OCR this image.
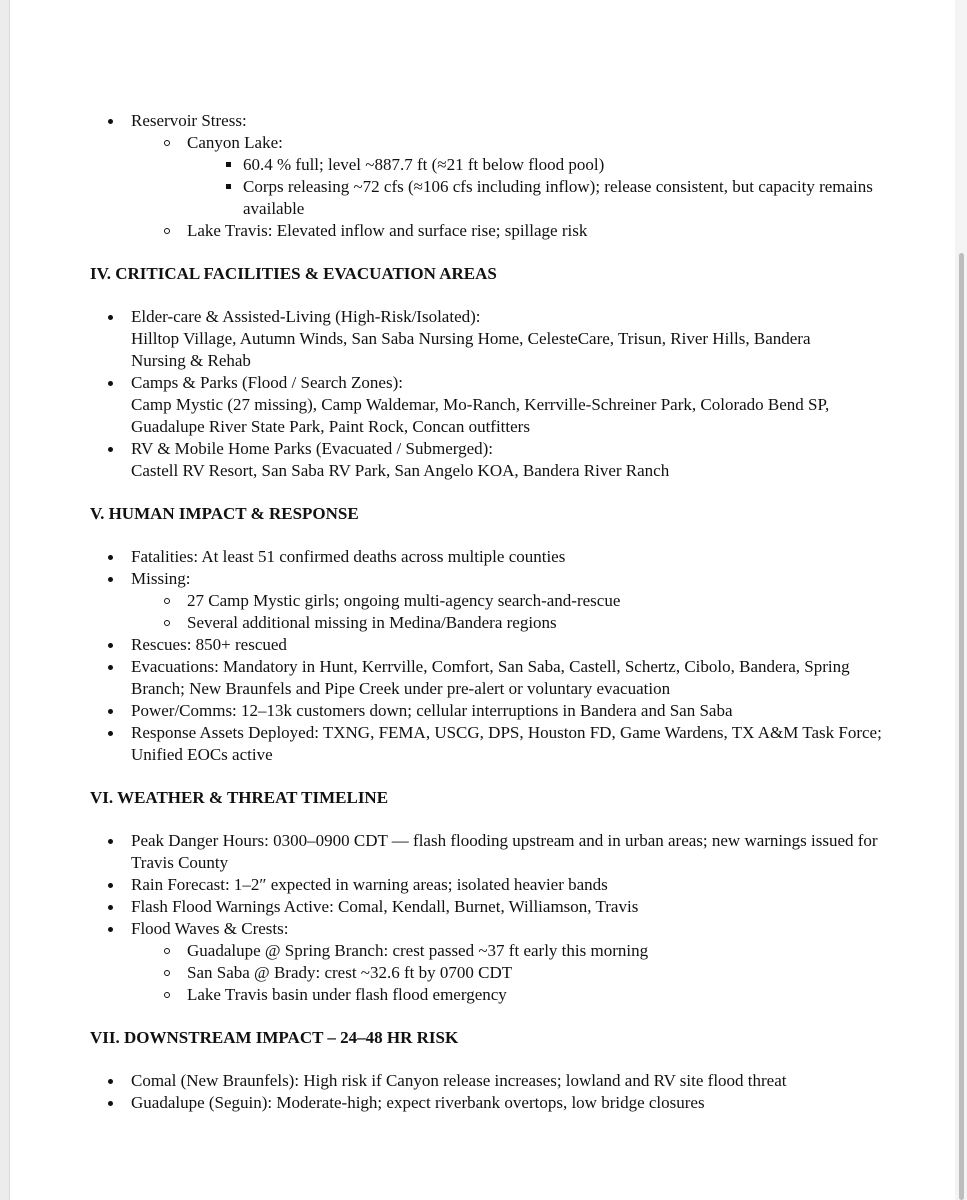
Reservoir Stress:
Canyon Lake:
60.4 % full; level ~887.7 ft (≈21 ft below flood pool)
Corps releasing ~72 cfs (≈106 cfs including inflow); release consistent, but capacity remains available
Lake Travis: Elevated inflow and surface rise; spillage risk
IV. CRITICAL FACILITIES & EVACUATION AREAS
Elder-care & Assisted-Living (High-Risk/Isolated):
Hilltop Village, Autumn Winds, San Saba Nursing Home, CelesteCare, Trisun, River Hills, Bandera Nursing & Rehab
Camps & Parks (Flood / Search Zones):
Camp Mystic (27 missing), Camp Waldemar, Mo-Ranch, Kerrville-Schreiner Park, Colorado Bend SP, Guadalupe River State Park, Paint Rock, Concan outfitters
RV & Mobile Home Parks (Evacuated / Submerged):
Castell RV Resort, San Saba RV Park, San Angelo KOA, Bandera River Ranch
V. HUMAN IMPACT & RESPONSE
Fatalities: At least 51 confirmed deaths across multiple counties
Missing:
27 Camp Mystic girls; ongoing multi-agency search-and-rescue
Several additional missing in Medina/Bandera regions
Rescues: 850+ rescued
Evacuations: Mandatory in Hunt, Kerrville, Comfort, San Saba, Castell, Schertz, Cibolo, Bandera, Spring Branch; New Braunfels and Pipe Creek under pre-alert or voluntary evacuation
Power/Comms: 12–13k customers down; cellular interruptions in Bandera and San Saba
Response Assets Deployed: TXNG, FEMA, USCG, DPS, Houston FD, Game Wardens, TX A&M Task Force; Unified EOCs active
VI. WEATHER & THREAT TIMELINE
Peak Danger Hours: 0300–0900 CDT — flash flooding upstream and in urban areas; new warnings issued for Travis County
Rain Forecast: 1–2″ expected in warning areas; isolated heavier bands
Flash Flood Warnings Active: Comal, Kendall, Burnet, Williamson, Travis
Flood Waves & Crests:
Guadalupe @ Spring Branch: crest passed ~37 ft early this morning
San Saba @ Brady: crest ~32.6 ft by 0700 CDT
Lake Travis basin under flash flood emergency
VII. DOWNSTREAM IMPACT – 24–48 HR RISK
Comal (New Braunfels): High risk if Canyon release increases; lowland and RV site flood threat
Guadalupe (Seguin): Moderate-high; expect riverbank overtops, low bridge closures
